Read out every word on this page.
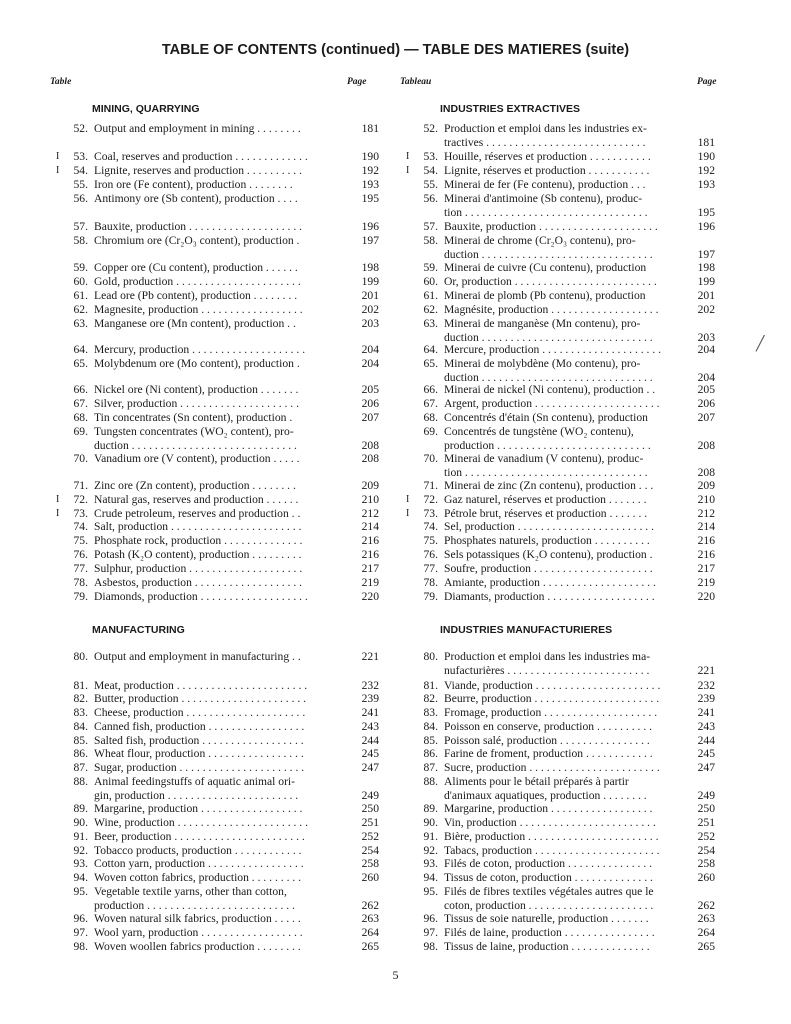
TABLE OF CONTENTS (continued) — TABLE DES MATIERES (suite)
Table	Page	Tableau	Page
MINING, QUARRYING	INDUSTRIES EXTRACTIVES
MANUFACTURING	INDUSTRIES MANUFACTURIERES
52. Output and employment in mining . . . . . . . .	181
I	53. Coal, reserves and production . . . . . . . . . . . . .	190
I	54. Lignite, reserves and production . . . . . . . . . .	192
55. Iron ore (Fe content), production . . . . . . . .	193
56. Antimony ore (Sb content), production . . . .	195
57. Bauxite, production . . . . . . . . . . . . . . . . . . . .	196
58. Chromium ore (Cr₂O₃ content), production .	197
59. Copper ore (Cu content), production . . . . . .	198
60. Gold, production . . . . . . . . . . . . . . . . . . . . . .	199
61. Lead ore (Pb content), production . . . . . . . .	201
62. Magnesite, production . . . . . . . . . . . . . . . . . .	202
63. Manganese ore (Mn content), production . .	203
64. Mercury, production . . . . . . . . . . . . . . . . . . . .	204
65. Molybdenum ore (Mo content), production .	204
66. Nickel ore (Ni content), production . . . . . . .	205
67. Silver, production . . . . . . . . . . . . . . . . . . . . .	206
68. Tin concentrates (Sn content), production .	207
69. Tungsten concentrates (WO₂ content), pro-
duction . . . . . . . . . . . . . . . . . . . . . . . . . . . . .	208
70. Vanadium ore (V content), production . . . . .	208
71. Zinc ore (Zn content), production . . . . . . . .	209
I	72. Natural gas, reserves and production . . . . . .	210
I	73. Crude petroleum, reserves and production . .	212
74. Salt, production . . . . . . . . . . . . . . . . . . . . . . .	214
75. Phosphate rock, production . . . . . . . . . . . . . .	216
76. Potash (K₂O content), production . . . . . . . . .	216
77. Sulphur, production . . . . . . . . . . . . . . . . . . . .	217
78. Asbestos, production . . . . . . . . . . . . . . . . . . .	219
79. Diamonds, production . . . . . . . . . . . . . . . . . . .	220
80. Output and employment in manufacturing . .	221
81. Meat, production . . . . . . . . . . . . . . . . . . . . . . .	232
82. Butter, production . . . . . . . . . . . . . . . . . . . . . .	239
83. Cheese, production . . . . . . . . . . . . . . . . . . . . .	241
84. Canned fish, production . . . . . . . . . . . . . . . . .	243
85. Salted fish, production . . . . . . . . . . . . . . . . . .	244
86. Wheat flour, production . . . . . . . . . . . . . . . . .	245
87. Sugar, production . . . . . . . . . . . . . . . . . . . . . .	247
88. Animal feedingstuffs of aquatic animal ori-
gin, production . . . . . . . . . . . . . . . . . . . . . . .	249
89. Margarine, production . . . . . . . . . . . . . . . . . .	250
90. Wine, production . . . . . . . . . . . . . . . . . . . . . . .	251
91. Beer, production . . . . . . . . . . . . . . . . . . . . . . .	252
92. Tobacco products, production . . . . . . . . . . . .	254
93. Cotton yarn, production . . . . . . . . . . . . . . . . .	258
94. Woven cotton fabrics, production . . . . . . . . .	260
95. Vegetable textile yarns, other than cotton,
production . . . . . . . . . . . . . . . . . . . . . . . . . .	262
96. Woven natural silk fabrics, production . . . . .	263
97. Wool yarn, production . . . . . . . . . . . . . . . . . .	264
98. Woven woollen fabrics production . . . . . . . .	265
52. Production et emploi dans les industries ex-
tractives . . . . . . . . . . . . . . . . . . . . . . . . . . . .	181
I	53. Houille, réserves et production . . . . . . . . . . .	190
I	54. Lignite, réserves et production . . . . . . . . . . .	192
55. Minerai de fer (Fe contenu), production . . .	193
56. Minerai d'antimoine (Sb contenu), produc-
tion . . . . . . . . . . . . . . . . . . . . . . . . . . . . . . . .	195
57. Bauxite, production . . . . . . . . . . . . . . . . . . . . .	196
58. Minerai de chrome (Cr₂O₃ contenu), pro-
duction . . . . . . . . . . . . . . . . . . . . . . . . . . . . . .	197
59. Minerai de cuivre (Cu contenu), production	198
60. Or, production . . . . . . . . . . . . . . . . . . . . . . . . .	199
61. Minerai de plomb (Pb contenu), production	201
62. Magnésite, production . . . . . . . . . . . . . . . . . . .	202
63. Minerai de manganèse (Mn contenu), pro-
duction . . . . . . . . . . . . . . . . . . . . . . . . . . . . . .	203
64. Mercure, production . . . . . . . . . . . . . . . . . . . . .	204
65. Minerai de molybdène (Mo contenu), pro-
duction . . . . . . . . . . . . . . . . . . . . . . . . . . . . . .	204
66. Minerai de nickel (Ni contenu), production . .	205
67. Argent, production . . . . . . . . . . . . . . . . . . . . . .	206
68. Concentrés d'étain (Sn contenu), production	207
69. Concentrés de tungstène (WO₂ contenu),
production . . . . . . . . . . . . . . . . . . . . . . . . . . .	208
70. Minerai de vanadium (V contenu), produc-
tion . . . . . . . . . . . . . . . . . . . . . . . . . . . . . . . .	208
71. Minerai de zinc (Zn contenu), production . . .	209
I	72. Gaz naturel, réserves et production . . . . . . .	210
I	73. Pétrole brut, réserves et production . . . . . . .	212
74. Sel, production . . . . . . . . . . . . . . . . . . . . . . . .	214
75. Phosphates naturels, production . . . . . . . . . .	216
76. Sels potassiques (K₂O contenu), production .	216
77. Soufre, production . . . . . . . . . . . . . . . . . . . . .	217
78. Amiante, production . . . . . . . . . . . . . . . . . . . .	219
79. Diamants, production . . . . . . . . . . . . . . . . . . .	220
80. Production et emploi dans les industries ma-
nufacturières . . . . . . . . . . . . . . . . . . . . . . . . .	221
81. Viande, production . . . . . . . . . . . . . . . . . . . . . .	232
82. Beurre, production . . . . . . . . . . . . . . . . . . . . . .	239
83. Fromage, production . . . . . . . . . . . . . . . . . . . .	241
84. Poisson en conserve, production . . . . . . . . . .	243
85. Poisson salé, production . . . . . . . . . . . . . . . .	244
86. Farine de froment, production . . . . . . . . . . . .	245
87. Sucre, production . . . . . . . . . . . . . . . . . . . . . . .	247
88. Aliments pour le bétail préparés à partir
d'animaux aquatiques, production . . . . . . . .	249
89. Margarine, production . . . . . . . . . . . . . . . . . .	250
90. Vin, production . . . . . . . . . . . . . . . . . . . . . . . .	251
91. Bière, production . . . . . . . . . . . . . . . . . . . . . . .	252
92. Tabacs, production . . . . . . . . . . . . . . . . . . . . . .	254
93. Filés de coton, production . . . . . . . . . . . . . . .	258
94. Tissus de coton, production . . . . . . . . . . . . . .	260
95. Filés de fibres textiles végétales autres que le
coton, production . . . . . . . . . . . . . . . . . . . . . .	262
96. Tissus de soie naturelle, production . . . . . . .	263
97. Filés de laine, production . . . . . . . . . . . . . . . .	264
98. Tissus de laine, production . . . . . . . . . . . . . .	265
╱
5
